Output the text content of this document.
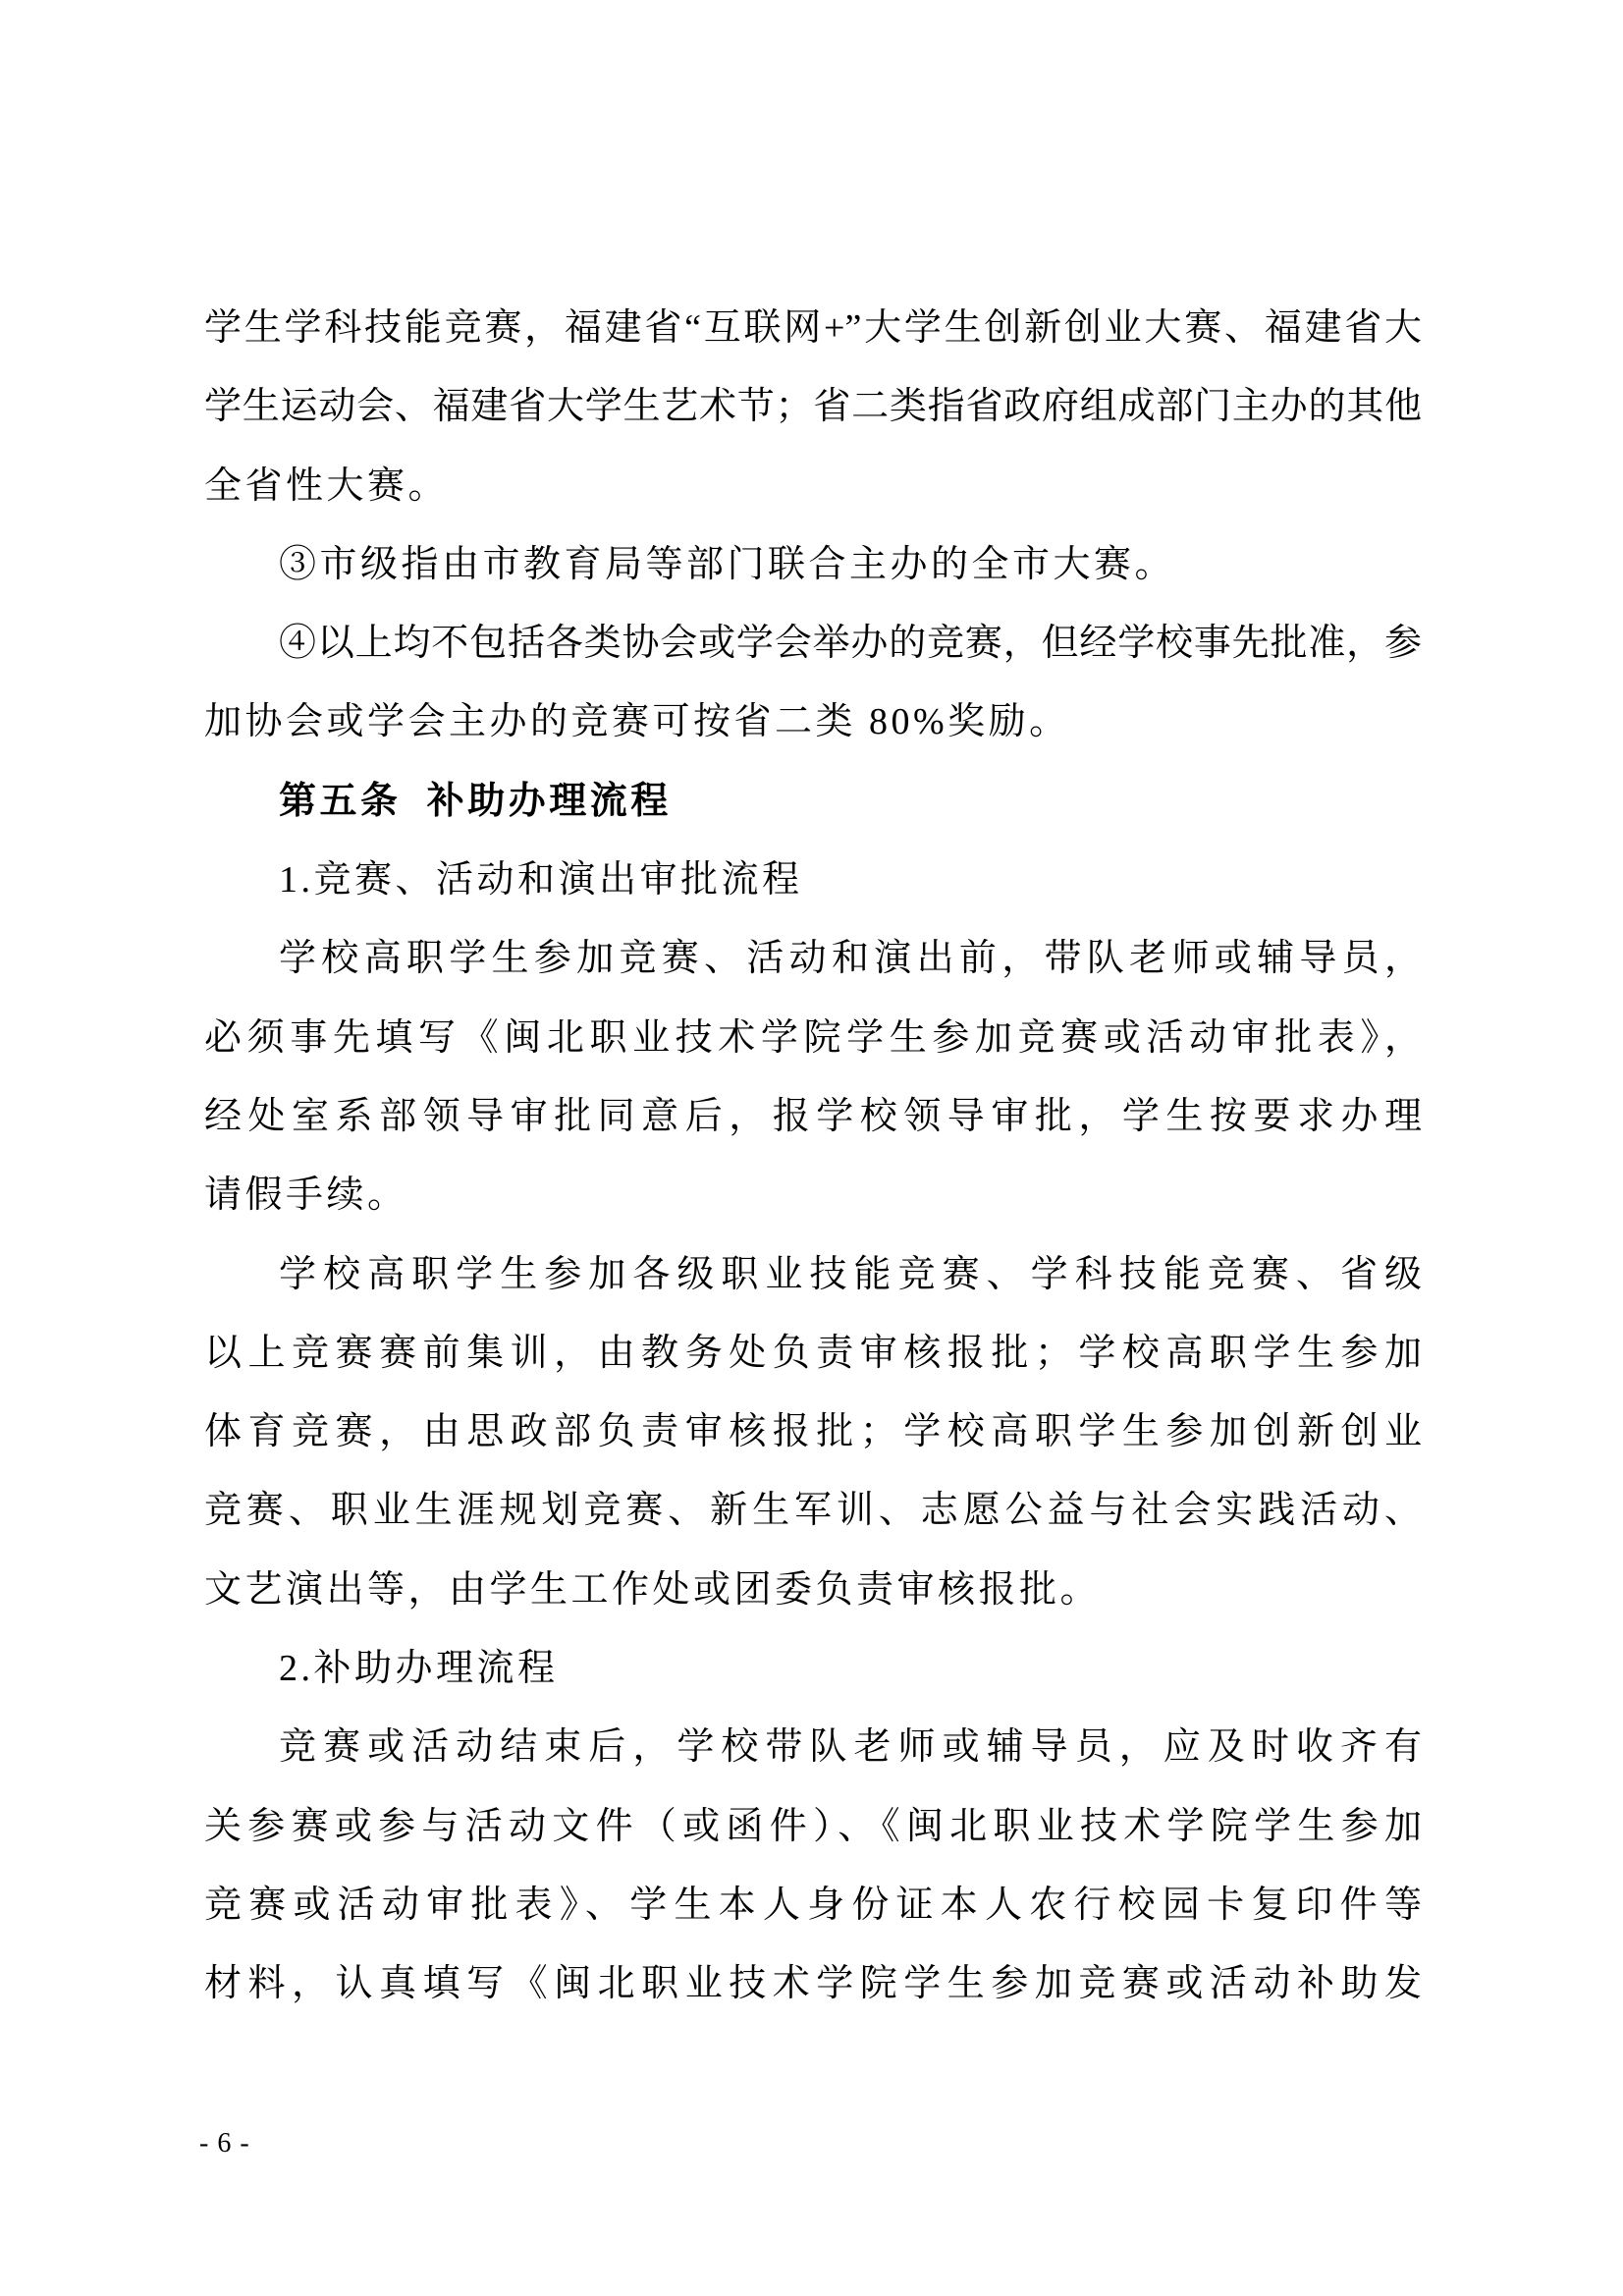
学生学科技能竞赛，福建省“互联网+”大学生创新创业大赛、福建省大
学生运动会、福建省大学生艺术节；省二类指省政府组成部门主办的其他
全省性大赛。
③市级指由市教育局等部门联合主办的全市大赛。
④以上均不包括各类协会或学会举办的竞赛，但经学校事先批准，参
加协会或学会主办的竞赛可按省二类 80%奖励。
第五条 补助办理流程
1.竞赛、活动和演出审批流程
学校高职学生参加竞赛、活动和演出前，带队老师或辅导员，
必须事先填写《闽北职业技术学院学生参加竞赛或活动审批表》，
经处室系部领导审批同意后，报学校领导审批，学生按要求办理
请假手续。
学校高职学生参加各级职业技能竞赛、学科技能竞赛、省级
以上竞赛赛前集训，由教务处负责审核报批；学校高职学生参加
体育竞赛，由思政部负责审核报批；学校高职学生参加创新创业
竞赛、职业生涯规划竞赛、新生军训、志愿公益与社会实践活动、
文艺演出等，由学生工作处或团委负责审核报批。
2.补助办理流程
竞赛或活动结束后，学校带队老师或辅导员，应及时收齐有
关参赛或参与活动文件（或函件）、《闽北职业技术学院学生参加
竞赛或活动审批表》、学生本人身份证本人农行校园卡复印件等
材料，认真填写《闽北职业技术学院学生参加竞赛或活动补助发
- 6 -
